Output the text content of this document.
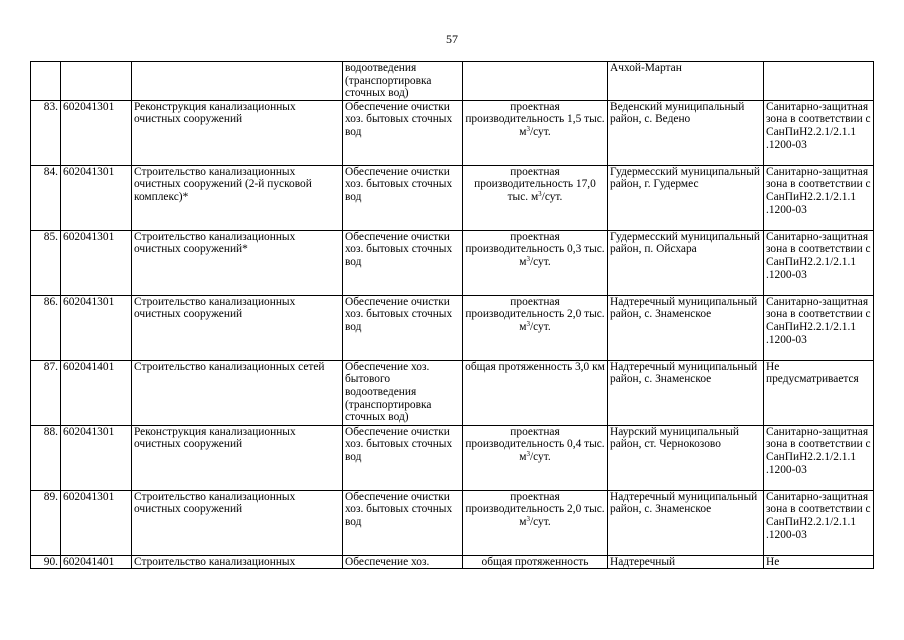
57
			водоотведения (транспортировка сточных вод)		Ачхой-Мартан	
83.	602041301	Реконструкция канализационных очистных сооружений	Обеспечение очистки хоз. бытовых сточных вод	проектная производительность 1,5 тыс. $м^3$/сут.	Веденский муниципальный район, с. Ведено	Санитарно-защитная зона в соответствии с СанПиН2.2.1/2.1.1 .1200-03
84.	602041301	Строительство канализационных очистных сооружений (2-й пусковой комплекс)*	Обеспечение очистки хоз. бытовых сточных вод	проектная производительность 17,0 тыс. $м^3$/сут.	Гудермесский муниципальный район, г. Гудермес	Санитарно-защитная зона в соответствии с СанПиН2.2.1/2.1.1 .1200-03
85.	602041301	Строительство канализационных очистных сооружений*	Обеспечение очистки хоз. бытовых сточных вод	проектная производительность 0,3 тыс. $м^3$/сут.	Гудермесский муниципальный район, п. Ойсхара	Санитарно-защитная зона в соответствии с СанПиН2.2.1/2.1.1 .1200-03
86.	602041301	Строительство канализационных очистных сооружений	Обеспечение очистки хоз. бытовых сточных вод	проектная производительность 2,0 тыс. $м^3$/сут.	Надтеречный муниципальный район, с. Знаменское	Санитарно-защитная зона в соответствии с СанПиН2.2.1/2.1.1 .1200-03
87.	602041401	Строительство канализационных сетей	Обеспечение хоз. бытового водоотведения (транспортировка сточных вод)	общая протяженность 3,0 км	Надтеречный муниципальный район, с. Знаменское	Не предусматривается
88.	602041301	Реконструкция канализационных очистных сооружений	Обеспечение очистки хоз. бытовых сточных вод	проектная производительность 0,4 тыс. $м^3$/сут.	Наурский муниципальный район, ст. Чернокозово	Санитарно-защитная зона в соответствии с СанПиН2.2.1/2.1.1 .1200-03
89.	602041301	Строительство канализационных очистных сооружений	Обеспечение очистки хоз. бытовых сточных вод	проектная производительность 2,0 тыс. $м^3$/сут.	Надтеречный муниципальный район, с. Знаменское	Санитарно-защитная зона в соответствии с СанПиН2.2.1/2.1.1 .1200-03
90.	602041401	Строительство канализационных	Обеспечение хоз.	общая протяженность	Надтеречный	Не
